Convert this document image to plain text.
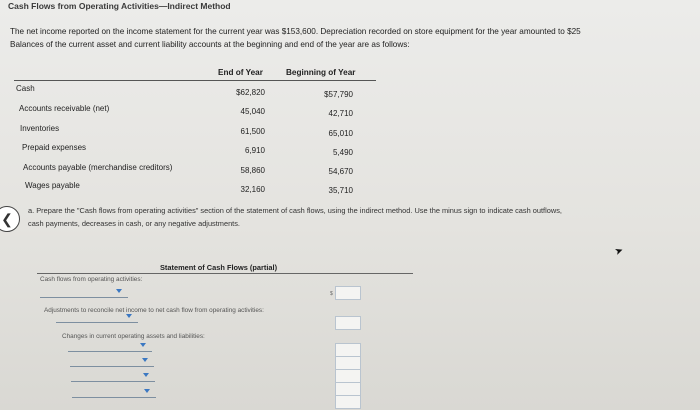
Cash Flows from Operating Activities—Indirect Method
The net income reported on the income statement for the current year was $153,600. Depreciation recorded on store equipment for the year amounted to $25
Balances of the current asset and current liability accounts at the beginning and end of the year are as follows:
End of Year	Beginning of Year
Cash	$62,820	$57,790
Accounts receivable (net)	45,040	42,710
Inventories	61,500	65,010
Prepaid expenses	6,910	5,490
Accounts payable (merchandise creditors)	58,860	54,670
Wages payable	32,160	35,710
❮	a. Prepare the "Cash flows from operating activities" section of the statement of cash flows, using the indirect method. Use the minus sign to indicate cash outflows,
cash payments, decreases in cash, or any negative adjustments.
➤
Statement of Cash Flows (partial)
Cash flows from operating activities:
$
Adjustments to reconcile net income to net cash flow from operating activities:
Changes in current operating assets and liabilities:
